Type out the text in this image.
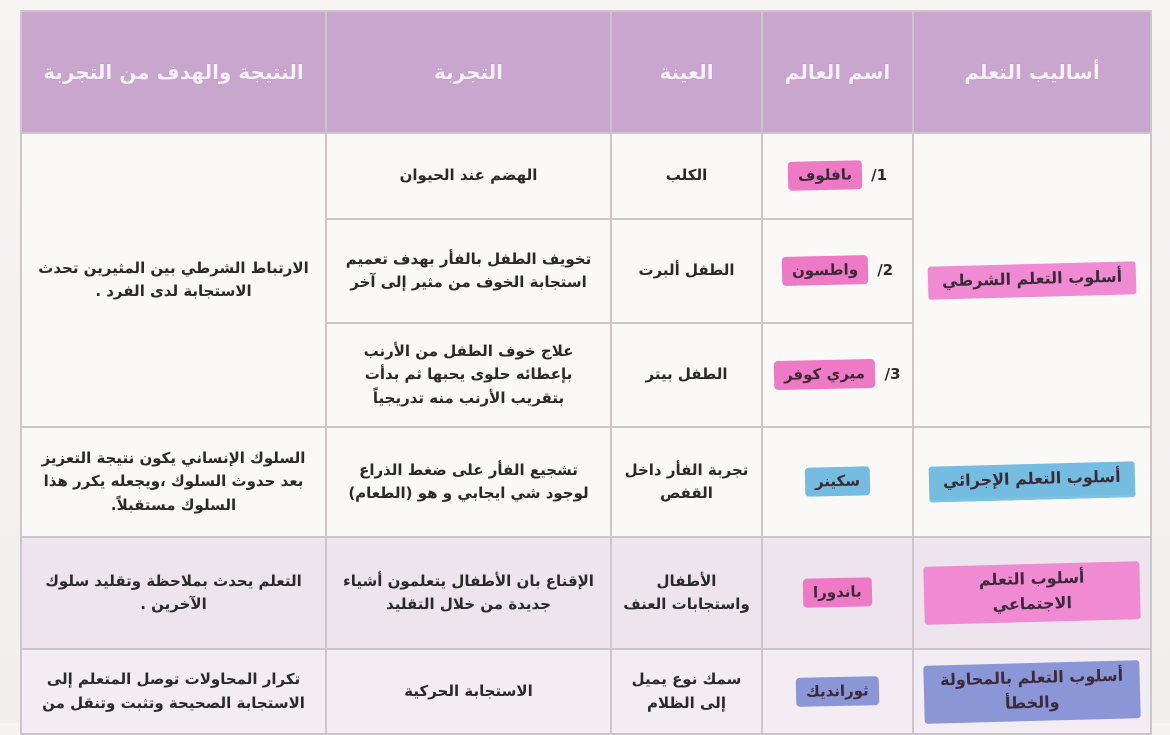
أساليب التعلم	اسم العالم	العينة	التجربة	النتيجة والهدف من التجربة
أسلوب التعلم الشرطي	1/ بافلوف	الكلب	الهضم عند الحيوان	الارتباط الشرطي بين المثيرين تحدث الاستجابة لدى الفرد .
	2/ واطسون	الطفل ألبرت	تخويف الطفل بالفأر بهدف تعميم استجابة الخوف من مثير إلى آخر	
	3/ ميري كوفر	الطفل بيتر	علاج خوف الطفل من الأرنب بإعطائه حلوى يحبها ثم بدأت بتقريب الأرنب منه تدريجياً	
أسلوب التعلم الإجرائي	سكينر	تجربة الفأر داخل القفص	تشجيع الفأر على ضغط الذراع لوجود شي ايجابي و هو (الطعام)	السلوك الإنساني يكون نتيجة التعزيز بعد حدوث السلوك ،ويجعله يكرر هذا السلوك مستقبلاً.
أسلوب التعلم الاجتماعي	باندورا	الأطفال واستجابات العنف	الإقناع بان الأطفال يتعلمون أشياء جديدة من خلال التقليد	التعلم يحدث بملاحظة وتقليد سلوك الآخرين .
أسلوب التعلم بالمحاولة والخطأ	ثورانديك	سمك نوع يميل إلى الظلام	الاستجابة الحركية	تكرار المحاولات توصل المتعلم إلى الاستجابة الصحيحة وتثبت وتنقل من
